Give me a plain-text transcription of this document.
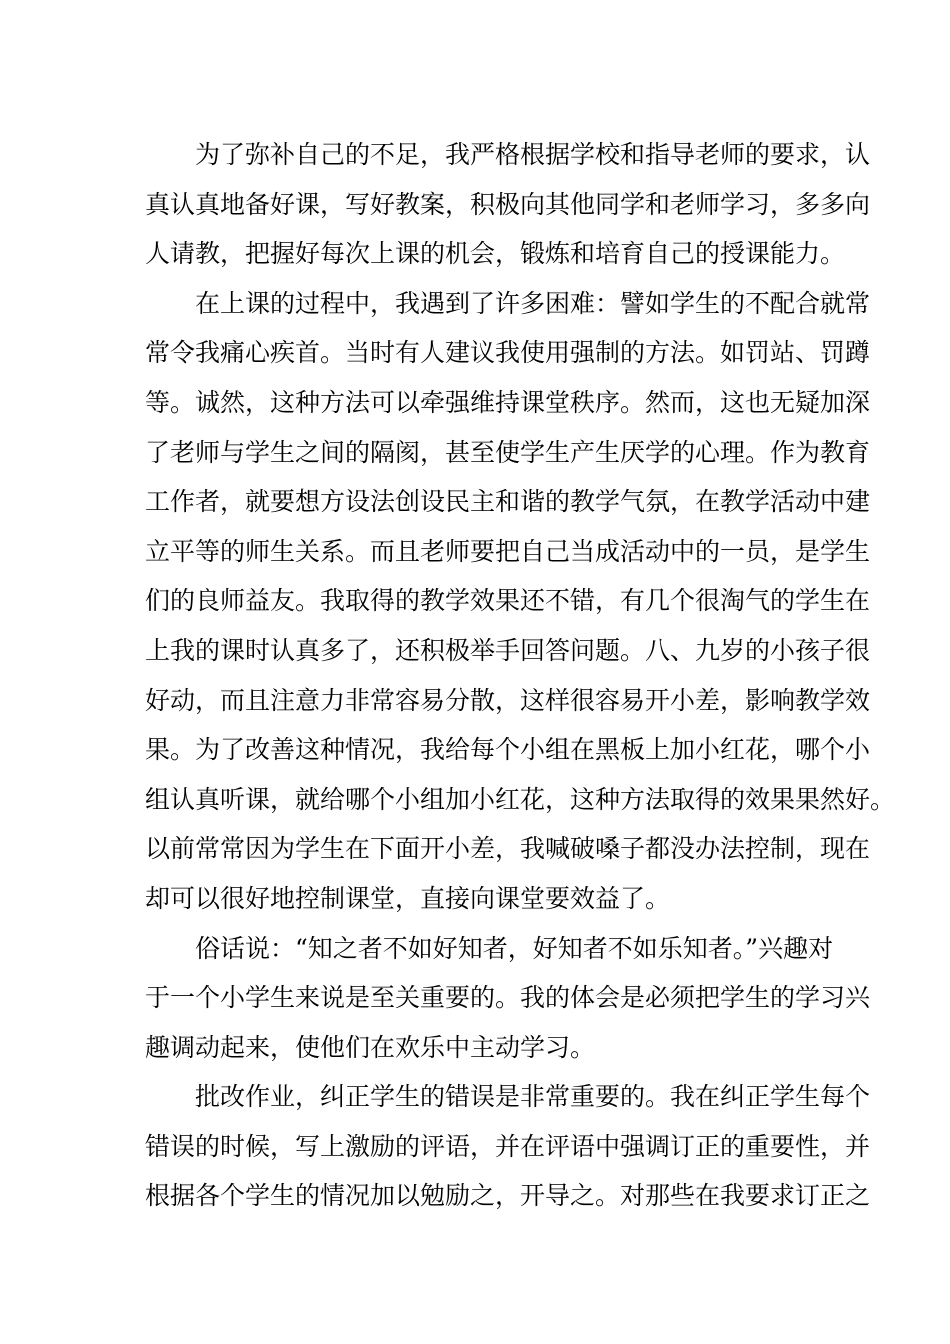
为了弥补自己的不足，我严格根据学校和指导老师的要求，认
真认真地备好课，写好教案，积极向其他同学和老师学习，多多向
人请教，把握好每次上课的机会，锻炼和培育自己的授课能力。
在上课的过程中，我遇到了许多困难：譬如学生的不配合就常
常令我痛心疾首。当时有人建议我使用强制的方法。如罚站、罚蹲
等。诚然，这种方法可以牵强维持课堂秩序。然而，这也无疑加深
了老师与学生之间的隔阂，甚至使学生产生厌学的心理。作为教育
工作者，就要想方设法创设民主和谐的教学气氛，在教学活动中建
立平等的师生关系。而且老师要把自己当成活动中的一员，是学生
们的良师益友。我取得的教学效果还不错，有几个很淘气的学生在
上我的课时认真多了，还积极举手回答问题。八、九岁的小孩子很
好动，而且注意力非常容易分散，这样很容易开小差，影响教学效
果。为了改善这种情况，我给每个小组在黑板上加小红花，哪个小
组认真听课，就给哪个小组加小红花，这种方法取得的效果果然好。
以前常常因为学生在下面开小差，我喊破嗓子都没办法控制，现在
却可以很好地控制课堂，直接向课堂要效益了。
俗话说：“知之者不如好知者，好知者不如乐知者。”兴趣对
于一个小学生来说是至关重要的。我的体会是必须把学生的学习兴
趣调动起来，使他们在欢乐中主动学习。
批改作业，纠正学生的错误是非常重要的。我在纠正学生每个
错误的时候，写上激励的评语，并在评语中强调订正的重要性，并
根据各个学生的情况加以勉励之，开导之。对那些在我要求订正之
